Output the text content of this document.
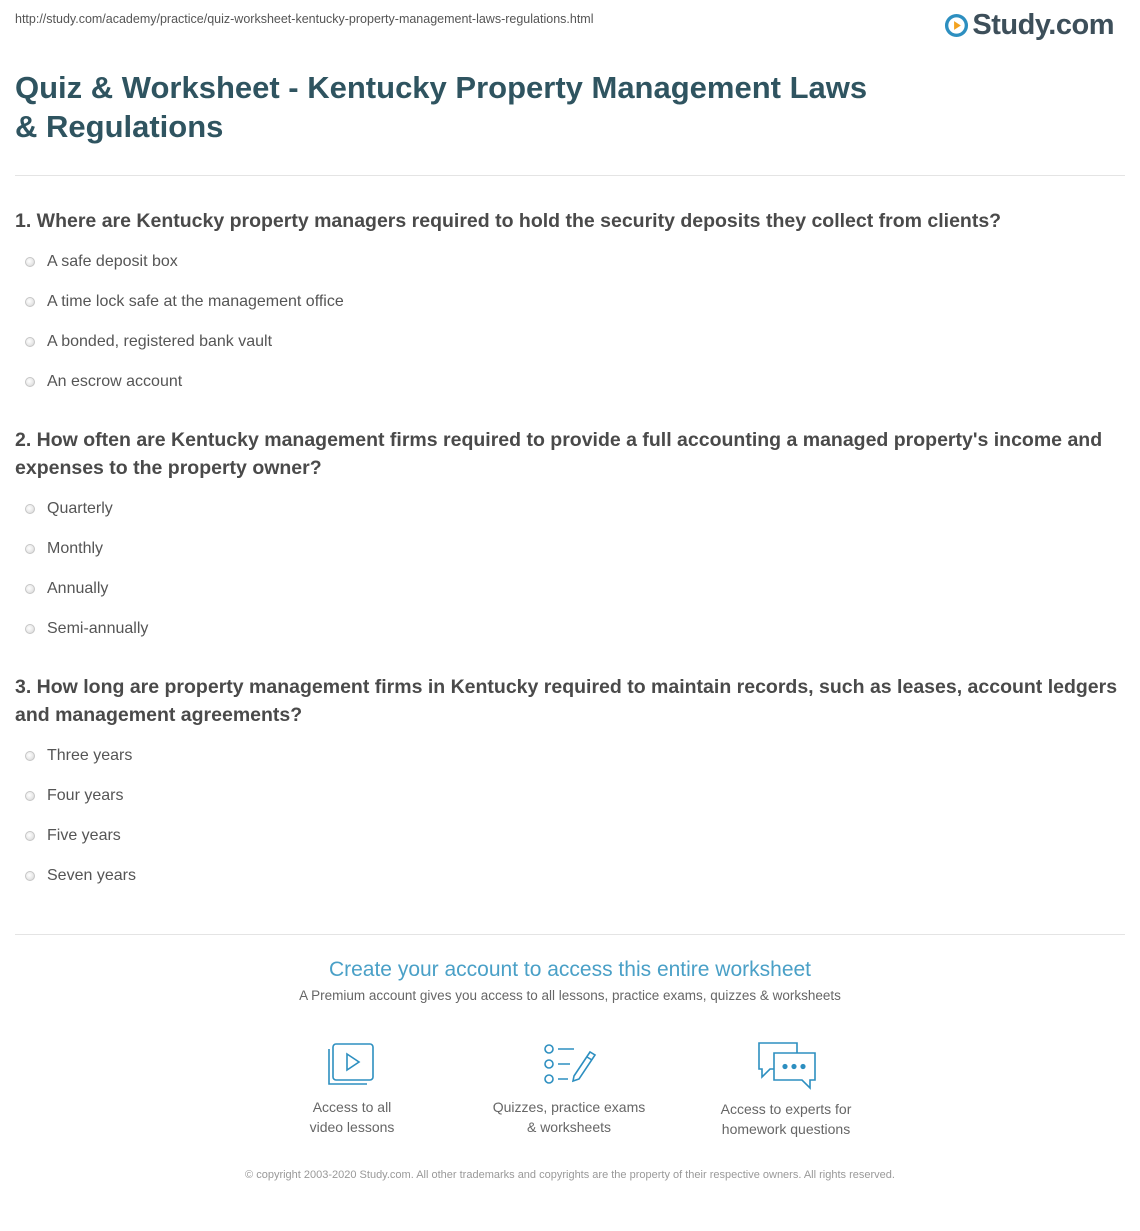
http://study.com/academy/practice/quiz-worksheet-kentucky-property-management-laws-regulations.html	Study.com
Quiz & Worksheet - Kentucky Property Management Laws & Regulations

1. Where are Kentucky property managers required to hold the security deposits they collect from clients?

A safe deposit box
A time lock safe at the management office
A bonded, registered bank vault
An escrow account

2. How often are Kentucky management firms required to provide a full accounting a managed property's income and expenses to the property owner?

Quarterly
Monthly
Annually
Semi-annually

3. How long are property management firms in Kentucky required to maintain records, such as leases, account ledgers and management agreements?

Three years
Four years
Five years
Seven years

Create your account to access this entire worksheet

A Premium account gives you access to all lessons, practice exams, quizzes & worksheets
Access to all
video lessons
Quizzes, practice exams
& worksheets
Access to experts for
homework questions
© copyright 2003-2020 Study.com. All other trademarks and copyrights are the property of their respective owners. All rights reserved.
